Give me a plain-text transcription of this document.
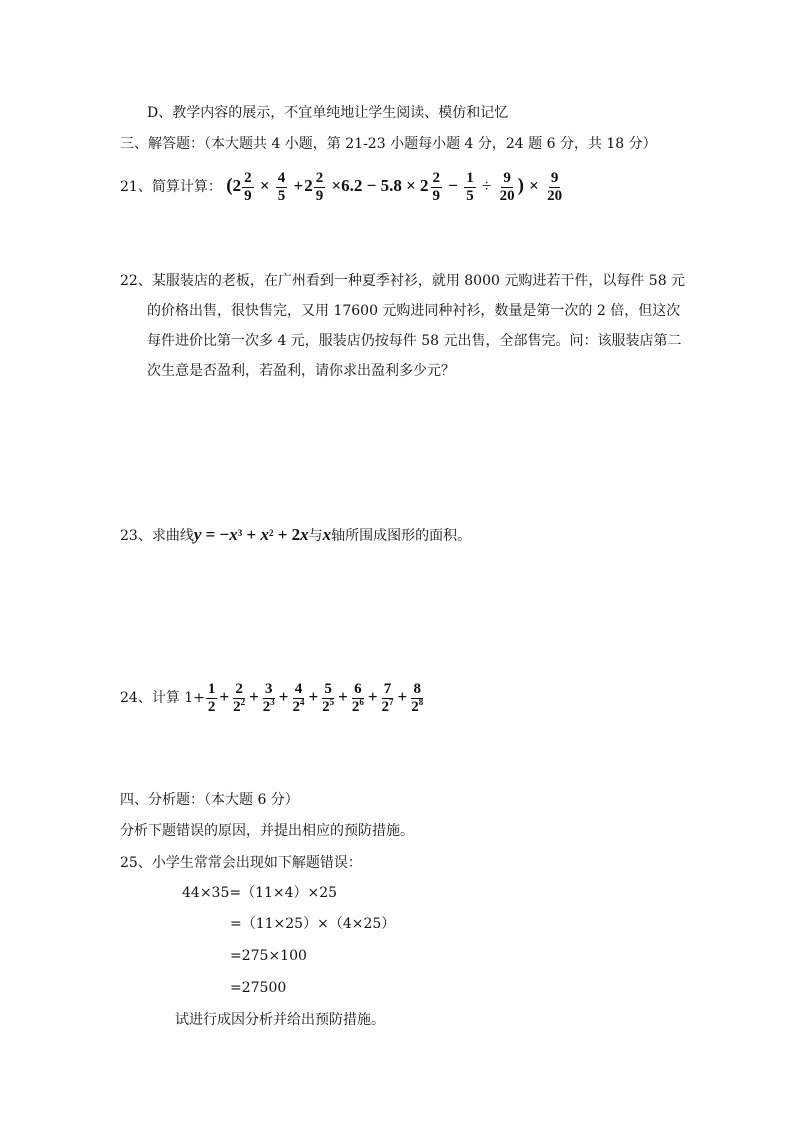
D、教学内容的展示，不宜单纯地让学生阅读、模仿和记忆
三、解答题：（本大题共 4 小题，第 21-23 小题每小题 4 分，24 题 6 分，共 18 分）
21、简算计算： ($2 \frac{2}{9} \times \frac{4}{5} +2 \frac{2}{9} \times 6.2 - 5.8 \times 2 \frac{2}{9} - \frac{1}{5} \div \frac{9}{20}$ ) × $\frac{9}{20}$
22、某服装店的老板，在广州看到一种夏季衬衫，就用 8000 元购进若干件，以每件 58 元
的价格出售，很快售完，又用 17600 元购进同种衬衫，数量是第一次的 2 倍，但这次
每件进价比第一次多 4 元，服装店仍按每件 58 元出售，全部售完。问：该服装店第二
次生意是否盈利，若盈利，请你求出盈利多少元？
23、求曲线$y = -x^3 + x^2 + 2x$与x轴所围成图形的面积。
24、计算 $1+ \frac{1}{2} + \frac{2}{2^2} + \frac{3}{2^3} + \frac{4}{2^4} + \frac{5}{2^5} + \frac{6}{2^6} + \frac{7}{2^7} + \frac{8}{2^8}$
四、分析题：（本大题 6 分）
分析下题错误的原因，并提出相应的预防措施。
25、小学生常常会出现如下解题错误：
44×35=（11×4）×25
=（11×25）×（4×25）
=275×100
=27500
试进行成因分析并给出预防措施。
